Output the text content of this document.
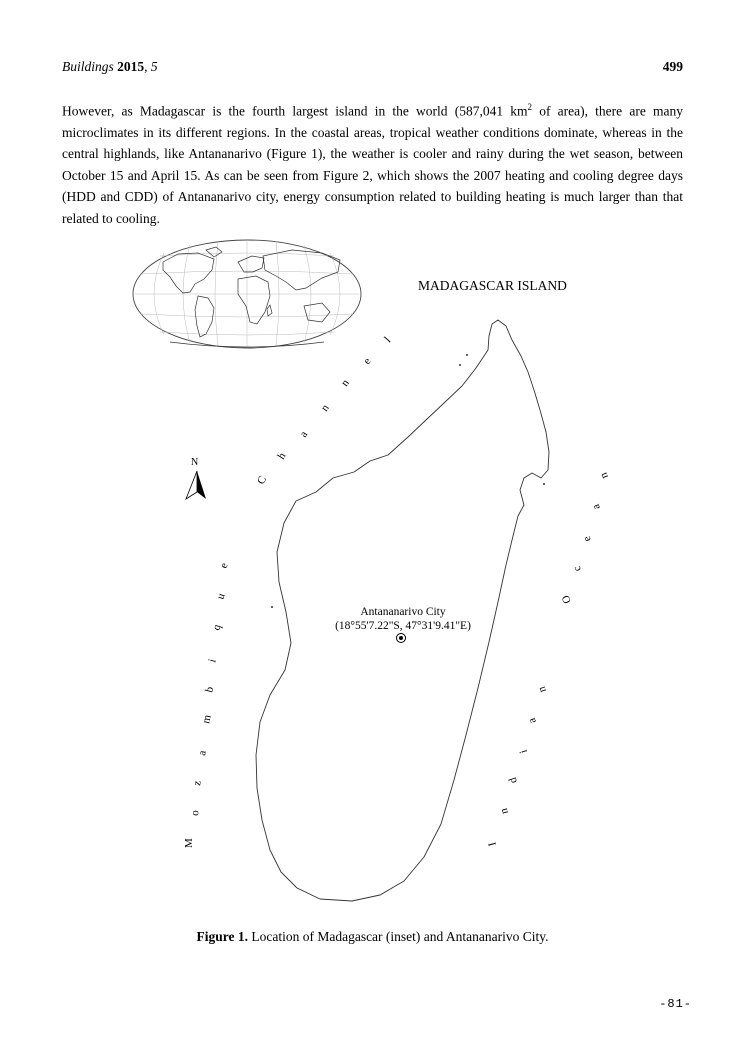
Buildings 2015, 5	499

However, as Madagascar is the fourth largest island in the world (587,041 $km^2$ of area), there are many microclimates in its different regions. In the coastal areas, tropical weather conditions dominate, whereas in the central highlands, like Antananarivo (Figure 1), the weather is cooler and rainy during the wet season, between October 15 and April 15. As can be seen from Figure 2, which shows the 2007 heating and cooling degree days (HDD and CDD) of Antananarivo city, energy consumption related to building heating is much larger than that related to cooling.

MADAGASCAR ISLAND
N
Antananarivo City
(18°55'7.22"S, 47°31'9.41"E)
M
o
z
a
m
b
i
q
u
e
C
h
a
n
n
e
l
I
n
d
i
a
n
O
c
e
a
n
Figure 1. Location of Madagascar (inset) and Antananarivo City.
-81-
